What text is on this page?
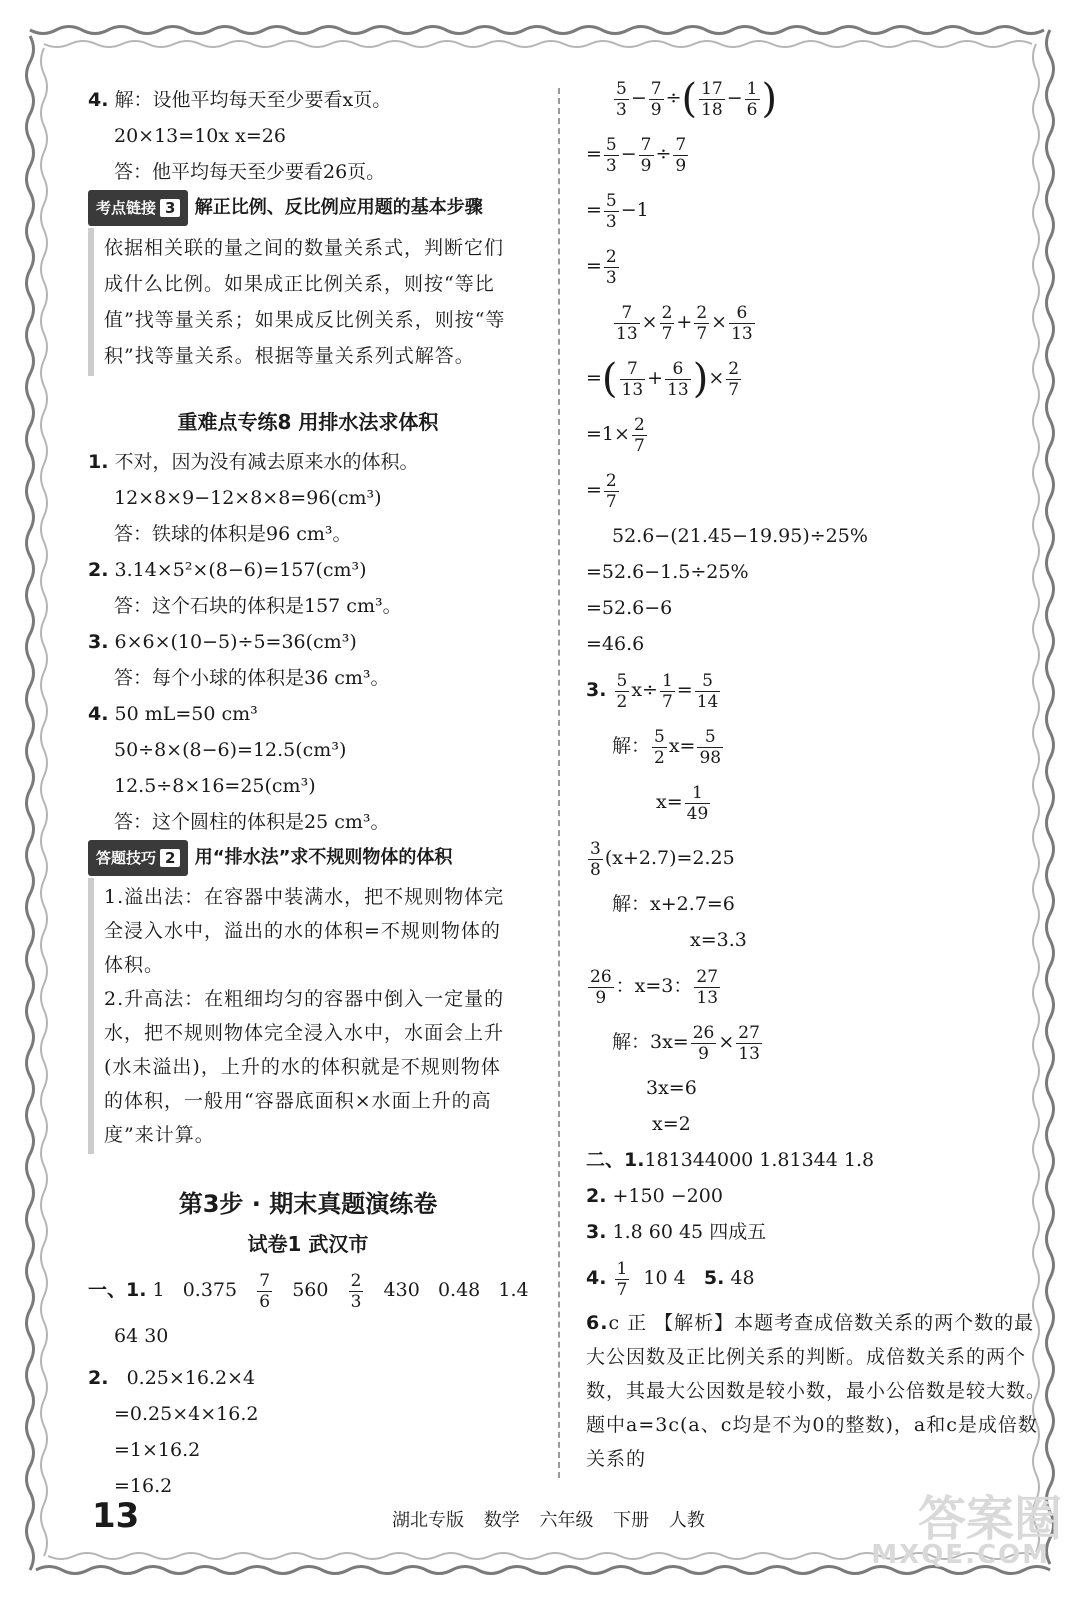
4. 解：设他平均每天至少要看x页。
20×13=10x x=26
答：他平均每天至少要看26页。
考点链接 3 解正比例、反比例应用题的基本步骤
依据相关联的量之间的数量关系式，判断它们成什么比例。如果成正比例关系，则按“等比值”找等量关系；如果成反比例关系，则按“等积”找等量关系。根据等量关系列式解答。
重难点专练8 用排水法求体积
1. 不对，因为没有减去原来水的体积。
12×8×9−12×8×8=96(cm³)
答：铁球的体积是96 cm³。
2. 3.14×5²×(8−6)=157(cm³)
答：这个石块的体积是157 cm³。
3. 6×6×(10−5)÷5=36(cm³)
答：每个小球的体积是36 cm³。
4. 50 mL=50 cm³
50÷8×(8−6)=12.5(cm³)
12.5÷8×16=25(cm³)
答：这个圆柱的体积是25 cm³。
答题技巧 2 用“排水法”求不规则物体的体积
1.溢出法：在容器中装满水，把不规则物体完全浸入水中，溢出的水的体积=不规则物体的体积。
2.升高法：在粗细均匀的容器中倒入一定量的水，把不规则物体完全浸入水中，水面会上升(水未溢出)，上升的水的体积就是不规则物体的体积，一般用“容器底面积×水面上升的高度”来计算。
第3步 · 期末真题演练卷
试卷1 武汉市
一、1. 1 $0.375 \frac{7}{6} 560 \frac{2}{3} 430$ 0.48 1.4
64 30
2. 0.25×16.2×4
=0.25×4×16.2
=1×16.2
=16.2
$\frac{5}{3} - \frac{7}{9}$ ÷( $\frac{17}{18} - \frac{1}{6}$ )
= $\frac{5}{3} - \frac{7}{9} \div \frac{7}{9}$
= $\frac{5}{3} -1$
= $\frac{2}{3}$
$\frac{7}{13} \times \frac{2}{7} + \frac{2}{7} \times \frac{6}{13}$
=( $\frac{7}{13} + \frac{6}{13}$ )× $\frac{2}{7}$
$=1\times \frac{2}{7}$
= $\frac{2}{7}$
52.6−(21.45−19.95)÷25%
=52.6−1.5÷25%
=52.6−6
=46.6
3. $\frac{5}{2} x\div \frac{1}{7} = \frac{5}{14}$
解： $\frac{5}{2} x= \frac{5}{98}$
$x= \frac{1}{49}$
$\frac{3}{8} (x+2.7)=2.25$
解：x+2.7=6
x=3.3
$\frac{26}{9}$ ：x=3： $\frac{27}{13}$
解：$3x= \frac{26}{9} \times \frac{27}{13}$
3x=6
x=2
二、1.181344000 1.81344 1.8
2. +150 −200
3. 1.8 60 45 四成五
4. $\frac{1}{7} 10$ 4 5. 48
6.c 正 【解析】本题考查成倍数关系的两个数的最大公因数及正比例关系的判断。成倍数关系的两个数，其最大公因数是较小数，最小公倍数是较大数。题中a=3c(a、c均是不为0的整数)，a和c是成倍数关系的
13	湖北专版 数学 六年级 下册 人教	答案圈
MXQE.COM
